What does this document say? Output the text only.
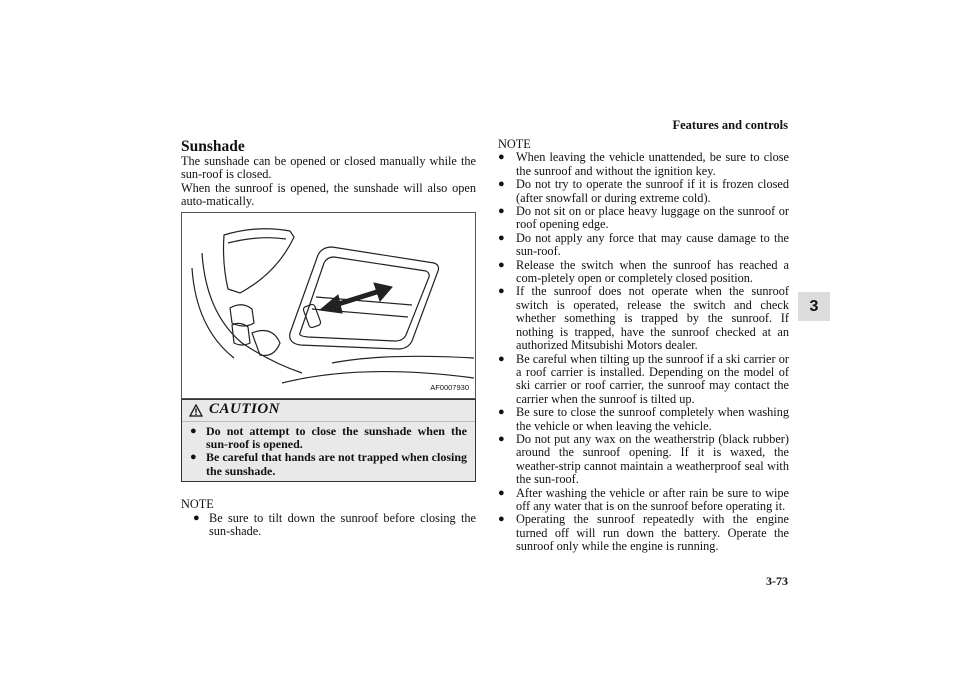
Features and controls
3
3-73
Sunshade

The sunshade can be opened or closed manually while the sun-roof is closed.

When the sunroof is opened, the sunshade will also open auto-matically.

AF0007930
CAUTION
● Do not attempt to close the sunshade when the sun-roof is opened.
● Be careful that hands are not trapped when closing the sunshade.
NOTE
● Be sure to tilt down the sunroof before closing the sun-shade.
NOTE
● When leaving the vehicle unattended, be sure to close the sunroof and without the ignition key.
● Do not try to operate the sunroof if it is frozen closed (after snowfall or during extreme cold).
● Do not sit on or place heavy luggage on the sunroof or roof opening edge.
● Do not apply any force that may cause damage to the sun-roof.
● Release the switch when the sunroof has reached a com-pletely open or completely closed position.
● If the sunroof does not operate when the sunroof switch is operated, release the switch and check whether something is trapped by the sunroof. If nothing is trapped, have the sunroof checked at an authorized Mitsubishi Motors dealer.
● Be careful when tilting up the sunroof if a ski carrier or a roof carrier is installed. Depending on the model of ski carrier or roof carrier, the sunroof may contact the carrier when the sunroof is tilted up.
● Be sure to close the sunroof completely when washing the vehicle or when leaving the vehicle.
● Do not put any wax on the weatherstrip (black rubber) around the sunroof opening. If it is waxed, the weather-strip cannot maintain a weatherproof seal with the sun-roof.
● After washing the vehicle or after rain be sure to wipe off any water that is on the sunroof before operating it.
● Operating the sunroof repeatedly with the engine turned off will run down the battery. Operate the sunroof only while the engine is running.
